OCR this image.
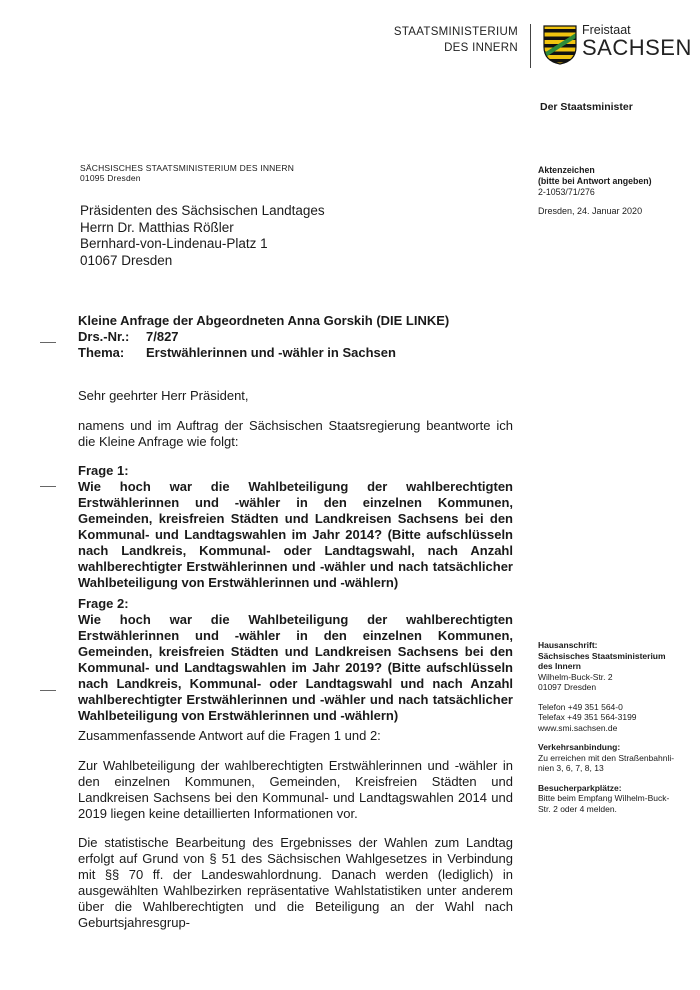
STAATSMINISTERIUM
DES INNERN
Freistaat
SACHSEN
Der Staatsminister
SÄCHSISCHES STAATSMINISTERIUM DES INNERN
01095 Dresden
Präsidenten des Sächsischen Landtages
Herrn Dr. Matthias Rößler
Bernhard-von-Lindenau-Platz 1
01067 Dresden
Aktenzeichen
(bitte bei Antwort angeben)
2-1053/71/276
Dresden, 24. Januar 2020
Kleine Anfrage der Abgeordneten Anna Gorskih (DIE LINKE)
Drs.-Nr.:	7/827
Thema:	Erstwählerinnen und -wähler in Sachsen
Sehr geehrter Herr Präsident,
namens und im Auftrag der Sächsischen Staatsregierung beantworte ich die Kleine Anfrage wie folgt:
Frage 1:
Wie hoch war die Wahlbeteiligung der wahlberechtigten Erstwählerinnen und -wähler in den einzelnen Kommunen, Gemeinden, kreisfreien Städten und Landkreisen Sachsens bei den Kommunal- und Landtagswahlen im Jahr 2014? (Bitte aufschlüsseln nach Landkreis, Kommunal- oder Landtagswahl, nach Anzahl wahlberechtigter Erstwählerinnen und -wähler und nach tatsächlicher Wahlbeteiligung von Erstwählerinnen und -wählern)
Frage 2:
Wie hoch war die Wahlbeteiligung der wahlberechtigten Erstwählerinnen und -wähler in den einzelnen Kommunen, Gemeinden, kreisfreien Städten und Landkreisen Sachsens bei den Kommunal- und Landtagswahlen im Jahr 2019? (Bitte aufschlüsseln nach Landkreis, Kommunal- oder Landtagswahl und nach Anzahl wahlberechtigter Erstwählerinnen und -wähler und nach tatsächlicher Wahlbeteiligung von Erstwählerinnen und -wählern)
Zusammenfassende Antwort auf die Fragen 1 und 2:
Zur Wahlbeteiligung der wahlberechtigten Erstwählerinnen und -wähler in den einzelnen Kommunen, Gemeinden, Kreisfreien Städten und Landkreisen Sachsens bei den Kommunal- und Landtagswahlen 2014 und 2019 liegen keine detaillierten Informationen vor.
Die statistische Bearbeitung des Ergebnisses der Wahlen zum Landtag erfolgt auf Grund von § 51 des Sächsischen Wahlgesetzes in Verbindung mit §§ 70 ff. der Landeswahlordnung. Danach werden (lediglich) in ausgewählten Wahlbezirken repräsentative Wahlstatistiken unter anderem über die Wahlberechtigten und die Beteiligung an der Wahl nach Geburtsjahresgrup-
Hausanschrift:
Sächsisches Staatsministerium
des Innern
Wilhelm-Buck-Str. 2
01097 Dresden
Telefon +49 351 564-0
Telefax +49 351 564-3199
www.smi.sachsen.de
Verkehrsanbindung:
Zu erreichen mit den Straßenbahnli-
nien 3, 6, 7, 8, 13
Besucherparkplätze:
Bitte beim Empfang Wilhelm-Buck-
Str. 2 oder 4 melden.
